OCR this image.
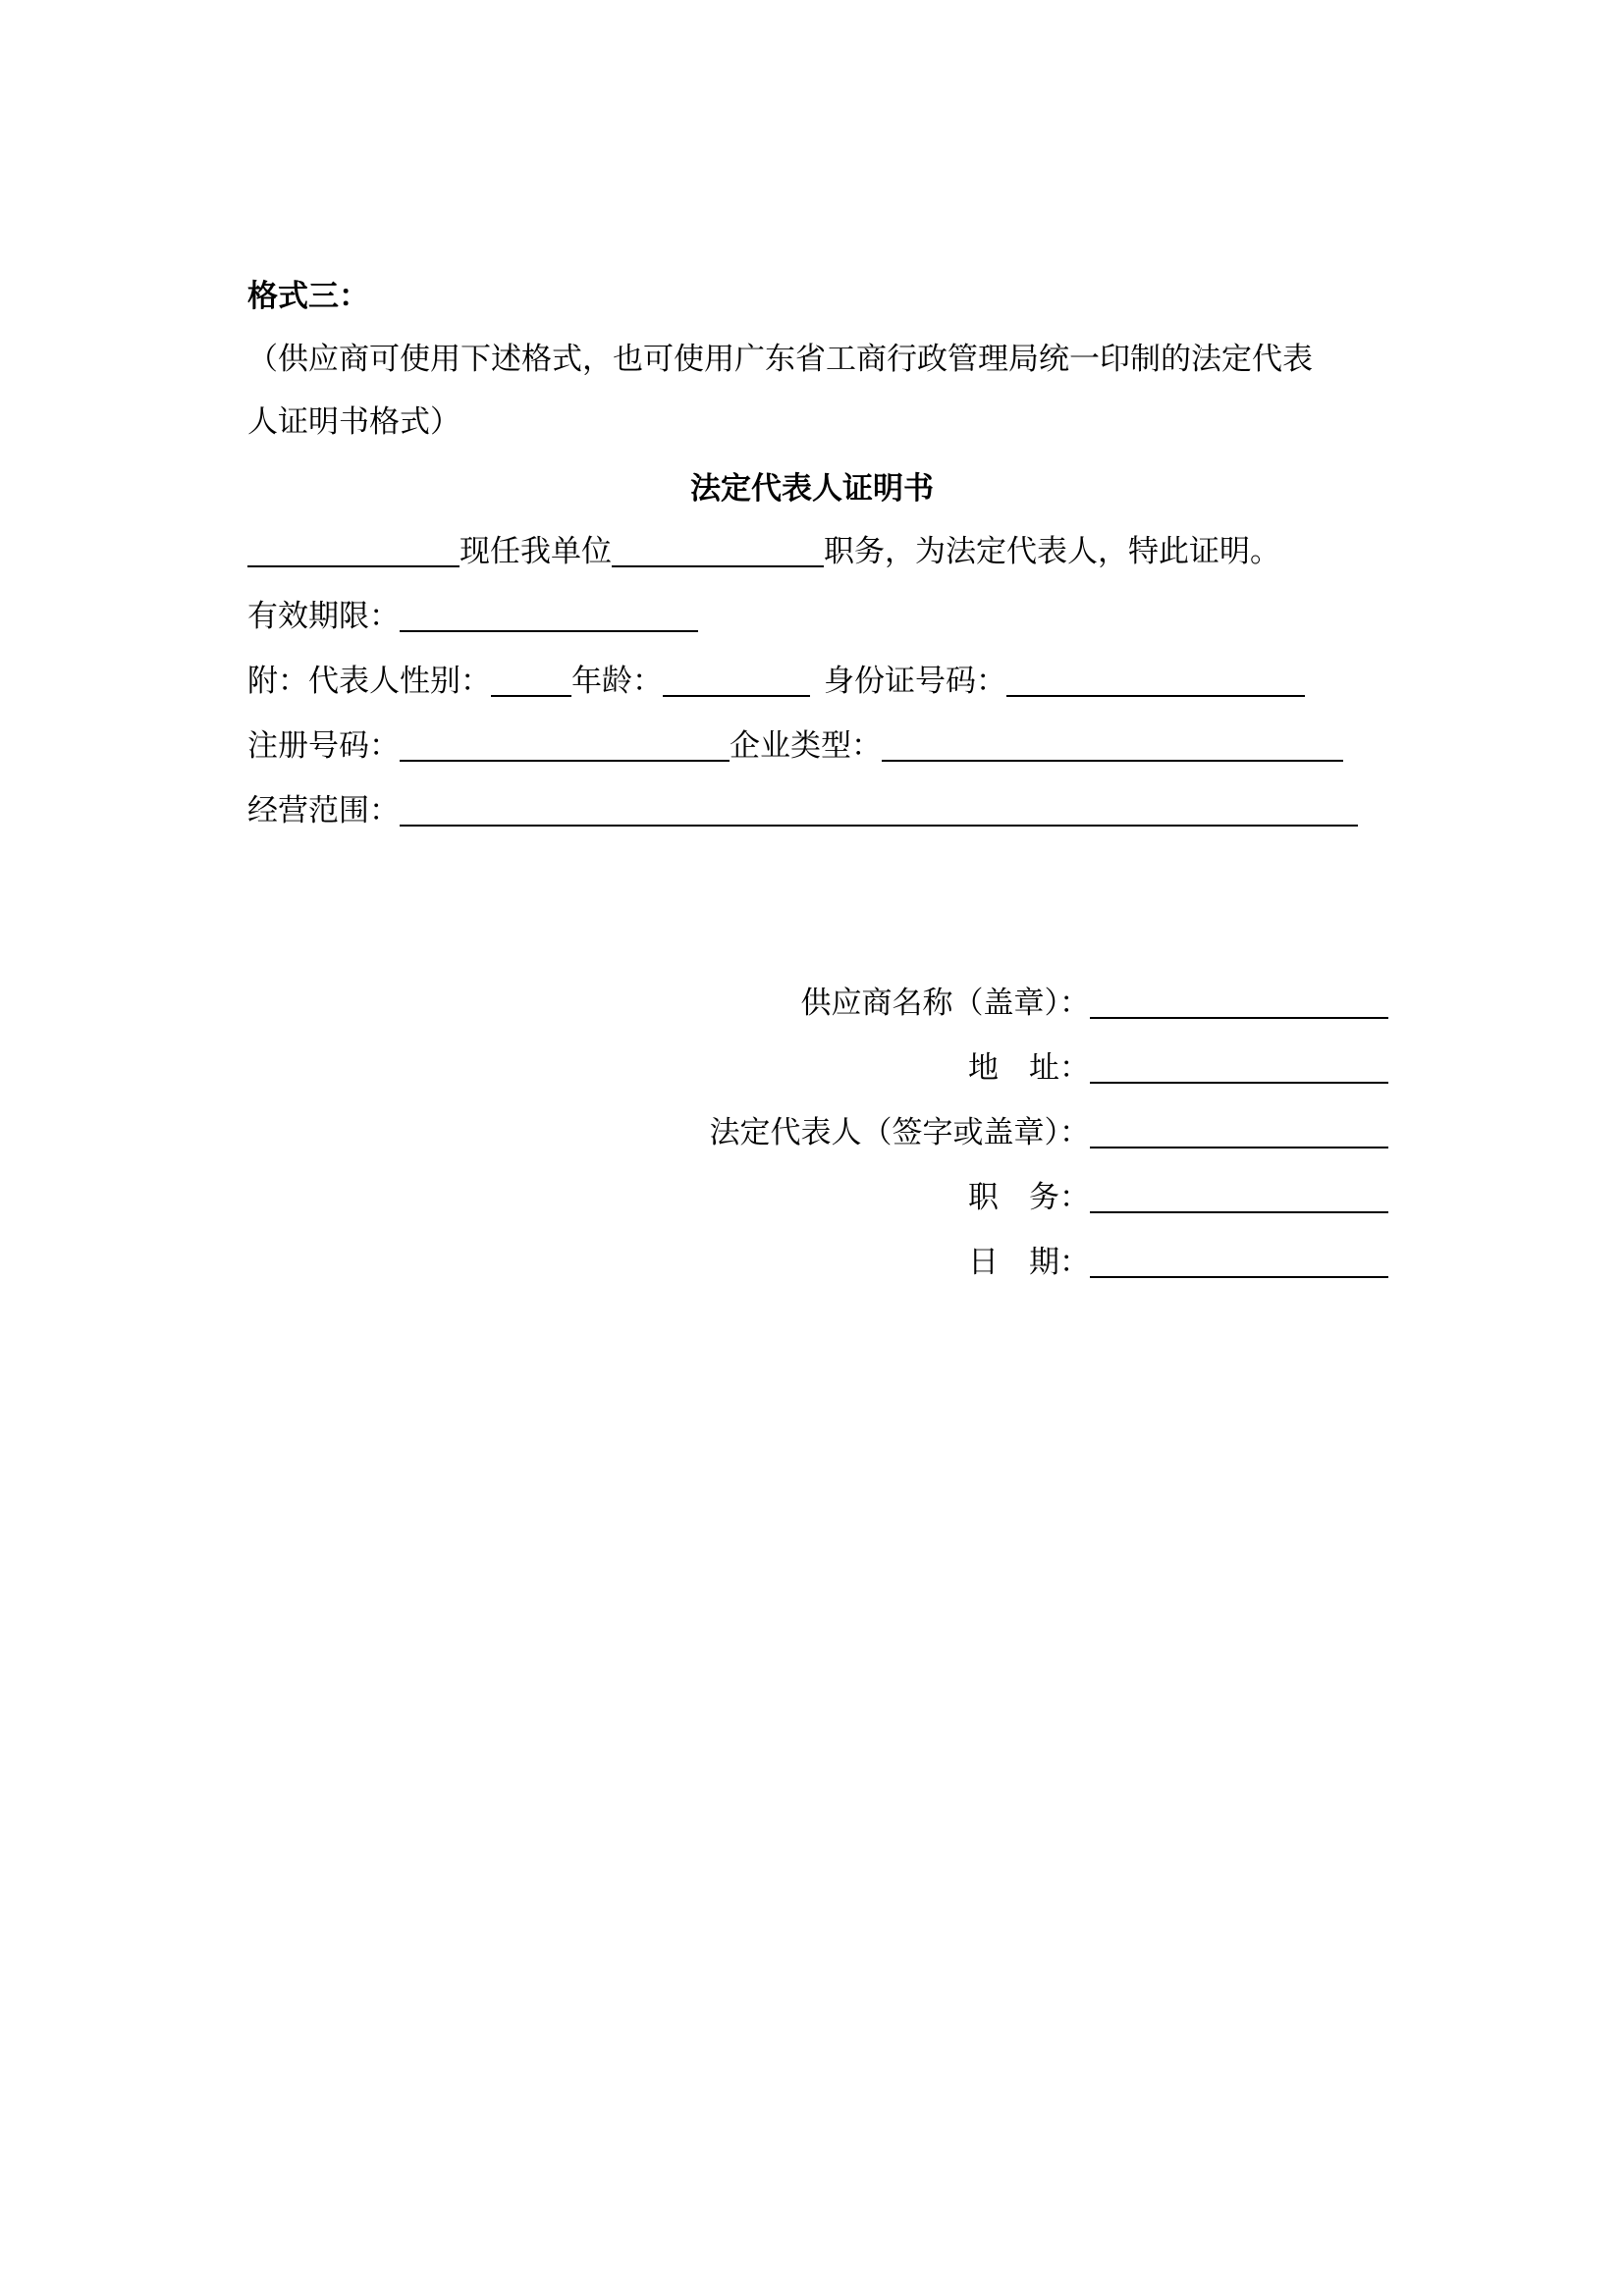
格式三：
（供应商可使用下述格式，也可使用广东省工商行政管理局统一印制的法定代表
人证明书格式）
法定代表人证明书
现任我单位	职务，为法定代表人，特此证明。
有效期限：
附：代表人性别：	年龄：	身份证号码：
注册号码：	企业类型：
经营范围：
供应商名称（盖章）：
地 址：
法定代表人（签字或盖章）：
职 务：
日 期：
